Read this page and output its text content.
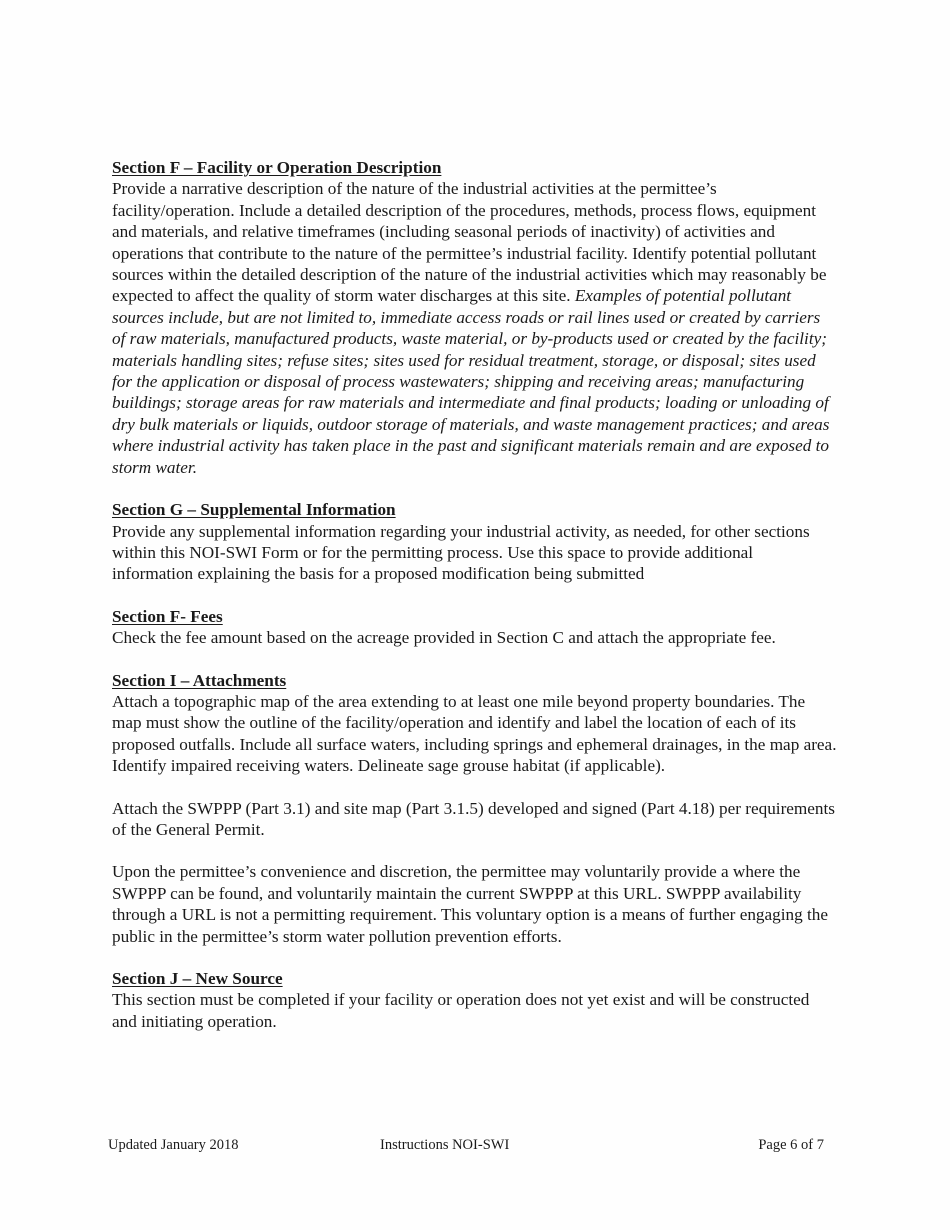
Section F – Facility or Operation Description

Provide a narrative description of the nature of the industrial activities at the permittee’s facility/operation. Include a detailed description of the procedures, methods, process flows, equipment and materials, and relative timeframes (including seasonal periods of inactivity) of activities and operations that contribute to the nature of the permittee’s industrial facility. Identify potential pollutant sources within the detailed description of the nature of the industrial activities which may reasonably be expected to affect the quality of storm water discharges at this site. Examples of potential pollutant sources include, but are not limited to, immediate access roads or rail lines used or created by carriers of raw materials, manufactured products, waste material, or by-products used or created by the facility; materials handling sites; refuse sites; sites used for residual treatment, storage, or disposal; sites used for the application or disposal of process wastewaters; shipping and receiving areas; manufacturing buildings; storage areas for raw materials and intermediate and final products; loading or unloading of dry bulk materials or liquids, outdoor storage of materials, and waste management practices; and areas where industrial activity has taken place in the past and significant materials remain and are exposed to storm water.

Section G – Supplemental Information

Provide any supplemental information regarding your industrial activity, as needed, for other sections within this NOI-SWI Form or for the permitting process. Use this space to provide additional information explaining the basis for a proposed modification being submitted

Section F- Fees

Check the fee amount based on the acreage provided in Section C and attach the appropriate fee.

Section I – Attachments

Attach a topographic map of the area extending to at least one mile beyond property boundaries. The map must show the outline of the facility/operation and identify and label the location of each of its proposed outfalls. Include all surface waters, including springs and ephemeral drainages, in the map area. Identify impaired receiving waters. Delineate sage grouse habitat (if applicable).

Attach the SWPPP (Part 3.1) and site map (Part 3.1.5) developed and signed (Part 4.18) per requirements of the General Permit.

Upon the permittee’s convenience and discretion, the permittee may voluntarily provide a where the SWPPP can be found, and voluntarily maintain the current SWPPP at this URL. SWPPP availability through a URL is not a permitting requirement. This voluntary option is a means of further engaging the public in the permittee’s storm water pollution prevention efforts.

Section J – New Source

This section must be completed if your facility or operation does not yet exist and will be constructed and initiating operation.

Updated January 2018	Instructions NOI-SWI	Page 6 of 7
